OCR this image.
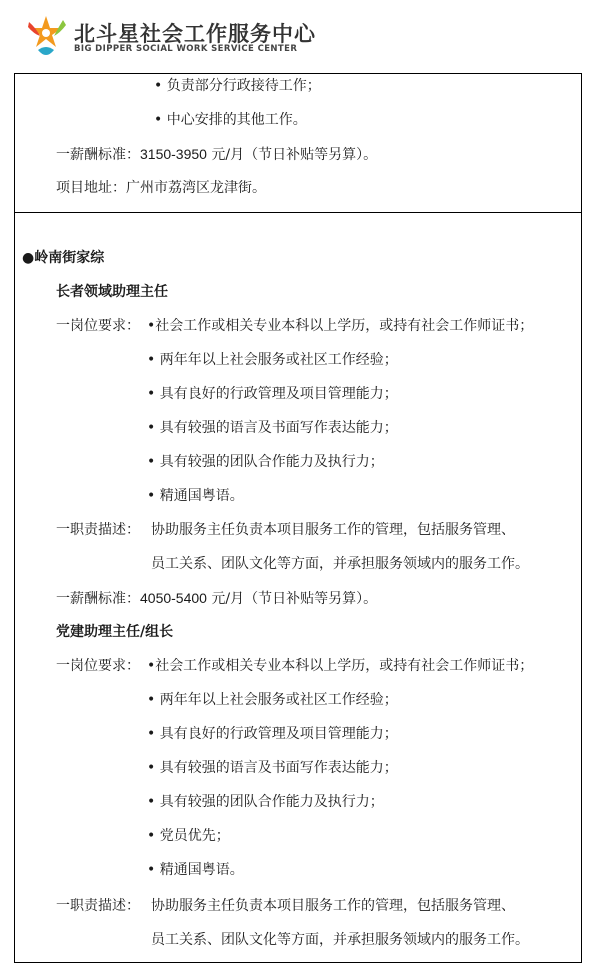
北斗星社会工作服务中心
BIG DIPPER SOCIAL WORK SERVICE CENTER
• 负责部分行政接待工作；
• 中心安排的其他工作。
一薪酬标准：3150-3950 元/月（节日补贴等另算）。
项目地址：广州市荔湾区龙津街。
●岭南街家综
长者领域助理主任
一岗位要求： •社会工作或相关专业本科以上学历，或持有社会工作师证书；
• 两年年以上社会服务或社区工作经验；
• 具有良好的行政管理及项目管理能力；
• 具有较强的语言及书面写作表达能力；
• 具有较强的团队合作能力及执行力；
• 精通国粤语。
一职责描述： 协助服务主任负责本项目服务工作的管理，包括服务管理、
员工关系、团队文化等方面，并承担服务领域内的服务工作。
一薪酬标准：4050-5400 元/月（节日补贴等另算）。
党建助理主任/组长
一岗位要求： •社会工作或相关专业本科以上学历，或持有社会工作师证书；
• 两年年以上社会服务或社区工作经验；
• 具有良好的行政管理及项目管理能力；
• 具有较强的语言及书面写作表达能力；
• 具有较强的团队合作能力及执行力；
• 党员优先；
• 精通国粤语。
一职责描述： 协助服务主任负责本项目服务工作的管理，包括服务管理、
员工关系、团队文化等方面，并承担服务领域内的服务工作。
